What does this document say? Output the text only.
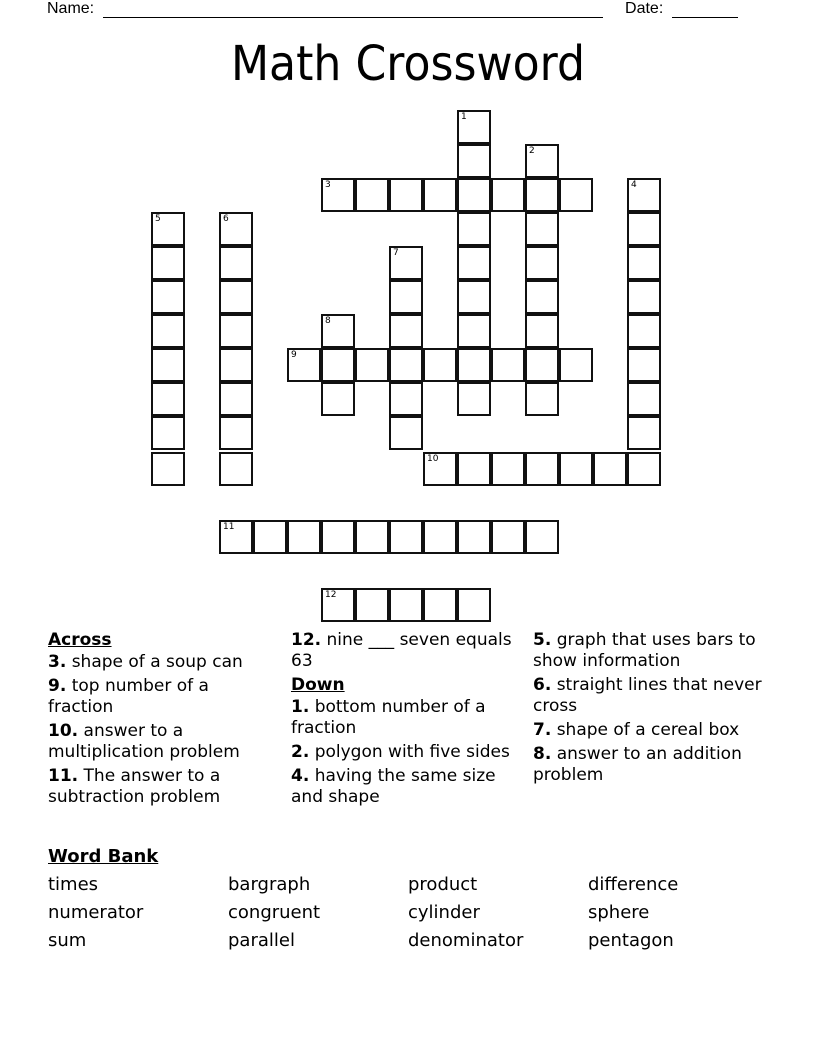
Name:	Date:
Math Crossword
1
2
3	4
5	6
7
8
9
10
11
12
Across
3. shape of a soup can
9. top number of a fraction
10. answer to a multiplication problem
11. The answer to a subtraction problem
12. nine ___ seven equals 63
Down
1. bottom number of a fraction
2. polygon with five sides
4. having the same size and shape
5. graph that uses bars to show information
6. straight lines that never cross
7. shape of a cereal box
8. answer to an addition problem
Word Bank
times	bargraph	product	difference
numerator	congruent	cylinder	sphere
sum	parallel	denominator	pentagon
